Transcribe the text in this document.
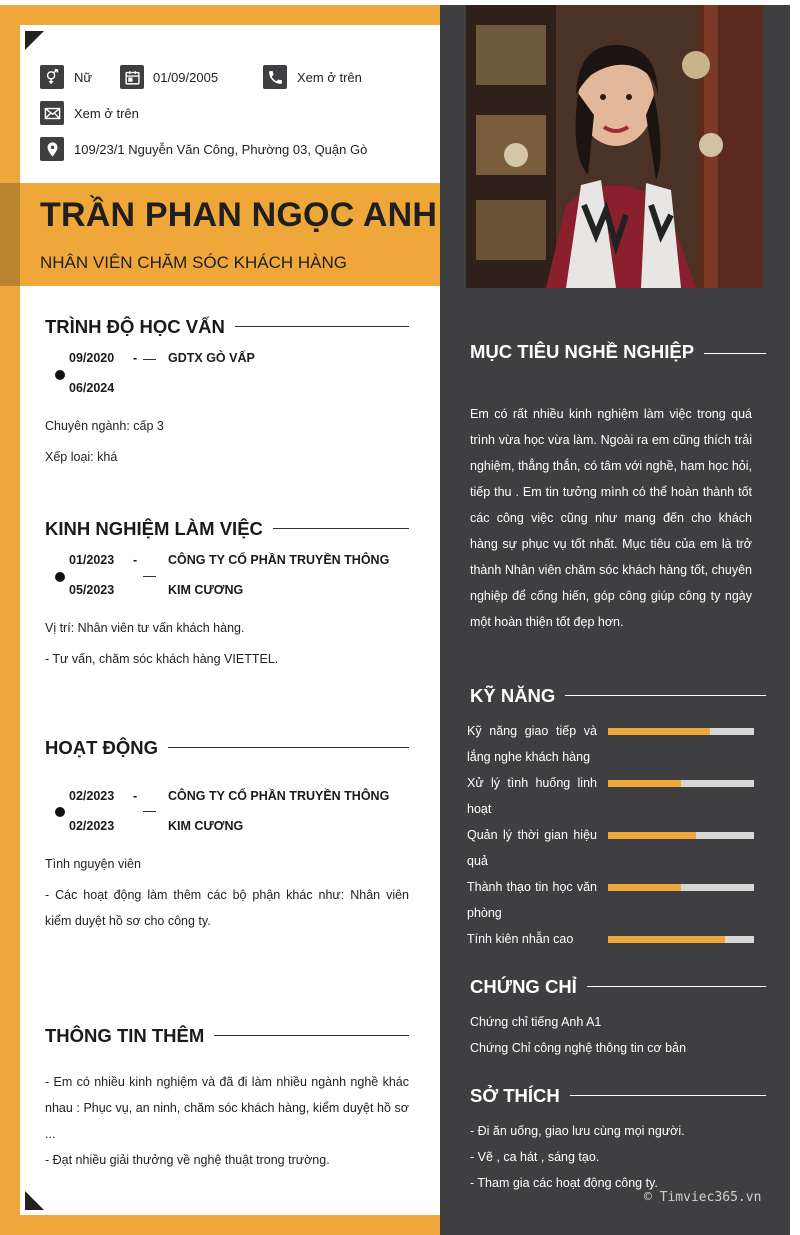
Nữ	01/09/2005	Xem ở trên
Xem ở trên
109/23/1 Nguyễn Văn Công, Phường 03, Quận Gò
TRẦN PHAN NGỌC ANH
NHÂN VIÊN CHĂM SÓC KHÁCH HÀNG
TRÌNH ĐỘ HỌC VẤN
09/2020 -
06/2024
GDTX GÒ VẤP
Chuyên ngành: cấp 3
Xếp loại: khá
KINH NGHIỆM LÀM VIỆC
01/2023 -
05/2023
CÔNG TY CỔ PHẦN TRUYỀN THÔNG KIM CƯƠNG
Vị trí: Nhân viên tư vấn khách hàng.
- Tư vấn, chăm sóc khách hàng VIETTEL.
HOẠT ĐỘNG
02/2023 -
02/2023
CÔNG TY CỔ PHẦN TRUYỀN THÔNG KIM CƯƠNG
Tình nguyện viên
- Các hoạt động làm thêm các bộ phận khác như: Nhân viên kiểm duyệt hồ sơ cho công ty.
THÔNG TIN THÊM
- Em có nhiều kinh nghiệm và đã đi làm nhiều ngành nghề khác nhau : Phục vụ, an ninh, chăm sóc khách hàng, kiểm duyệt hồ sơ ...
- Đạt nhiều giải thưởng về nghệ thuật trong trường.
MỤC TIÊU NGHỀ NGHIỆP
Em có rất nhiều kinh nghiệm làm việc trong quá trình vừa học vừa làm. Ngoài ra em cũng thích trải nghiệm, thẳng thắn, có tâm với nghề, ham học hỏi, tiếp thu . Em tin tưởng mình có thể hoàn thành tốt các công việc cũng như mang đến cho khách hàng sự phục vụ tốt nhất. Mục tiêu của em là trở thành Nhân viên chăm sóc khách hàng tốt, chuyên nghiệp để cống hiến, góp công giúp công ty ngày một hoàn thiện tốt đẹp hơn.
KỸ NĂNG
Kỹ năng giao tiếp và lắng nghe khách hàng
Xử lý tình huống linh hoạt
Quản lý thời gian hiệu quả
Thành thạo tin học văn phòng
Tính kiên nhẫn cao
CHỨNG CHỈ
Chứng chỉ tiếng Anh A1
Chứng Chỉ công nghệ thông tin cơ bản
SỞ THÍCH
- Đi ăn uống, giao lưu cùng mọi người.
- Vẽ , ca hát , sáng tạo.
- Tham gia các hoạt động công ty.
© Timviec365.vn
